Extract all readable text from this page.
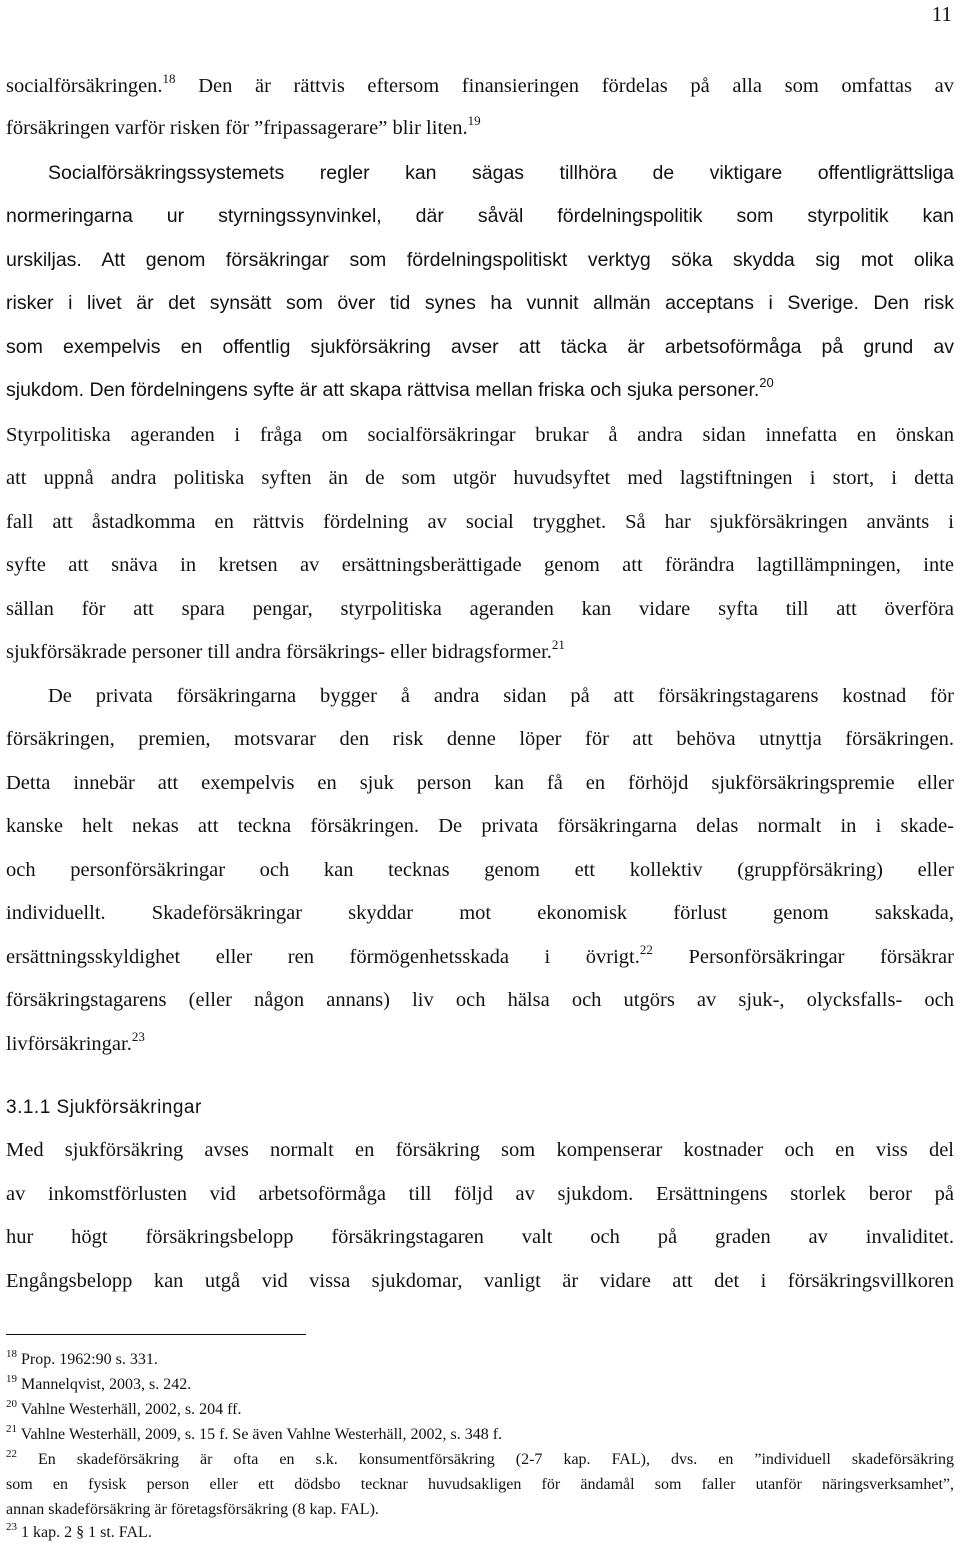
11
socialförsäkringen.$^{18}$ Den är rättvis eftersom finansieringen fördelas på alla som omfattas av
försäkringen varför risken för ”fripassagerare” blir liten.$^{19}$
Socialförsäkringssystemets regler kan sägas tillhöra de viktigare offentligrättsliga
normeringarna ur styrningssynvinkel, där såväl fördelningspolitik som styrpolitik kan
urskiljas. Att genom försäkringar som fördelningspolitiskt verktyg söka skydda sig mot olika
risker i livet är det synsätt som över tid synes ha vunnit allmän acceptans i Sverige. Den risk
som exempelvis en offentlig sjukförsäkring avser att täcka är arbetsoförmåga på grund av
sjukdom. Den fördelningens syfte är att skapa rättvisa mellan friska och sjuka personer.$^{20}$
Styrpolitiska ageranden i fråga om socialförsäkringar brukar å andra sidan innefatta en önskan
att uppnå andra politiska syften än de som utgör huvudsyftet med lagstiftningen i stort, i detta
fall att åstadkomma en rättvis fördelning av social trygghet. Så har sjukförsäkringen använts i
syfte att snäva in kretsen av ersättningsberättigade genom att förändra lagtillämpningen, inte
sällan för att spara pengar, styrpolitiska ageranden kan vidare syfta till att överföra
sjukförsäkrade personer till andra försäkrings- eller bidragsformer.$^{21}$
De privata försäkringarna bygger å andra sidan på att försäkringstagarens kostnad för
försäkringen, premien, motsvarar den risk denne löper för att behöva utnyttja försäkringen.
Detta innebär att exempelvis en sjuk person kan få en förhöjd sjukförsäkringspremie eller
kanske helt nekas att teckna försäkringen. De privata försäkringarna delas normalt in i skade-
och personförsäkringar och kan tecknas genom ett kollektiv (gruppförsäkring) eller
individuellt. Skadeförsäkringar skyddar mot ekonomisk förlust genom sakskada,
ersättningsskyldighet eller ren förmögenhetsskada i övrigt.$^{22}$ Personförsäkringar försäkrar
försäkringstagarens (eller någon annans) liv och hälsa och utgörs av sjuk-, olycksfalls- och
livförsäkringar.$^{23}$
3.1.1 Sjukförsäkringar
Med sjukförsäkring avses normalt en försäkring som kompenserar kostnader och en viss del
av inkomstförlusten vid arbetsoförmåga till följd av sjukdom. Ersättningens storlek beror på
hur högt försäkringsbelopp försäkringstagaren valt och på graden av invaliditet.
Engångsbelopp kan utgå vid vissa sjukdomar, vanligt är vidare att det i försäkringsvillkoren
$^{18}$ Prop. 1962:90 s. 331.
$^{19}$ Mannelqvist, 2003, s. 242.
$^{20}$ Vahlne Westerhäll, 2002, s. 204 ff.
$^{21}$ Vahlne Westerhäll, 2009, s. 15 f. Se även Vahlne Westerhäll, 2002, s. 348 f.
$^{22}$ En skadeförsäkring är ofta en s.k. konsumentförsäkring (2-7 kap. FAL), dvs. en ”individuell skadeförsäkring
som en fysisk person eller ett dödsbo tecknar huvudsakligen för ändamål som faller utanför näringsverksamhet”,
annan skadeförsäkring är företagsförsäkring (8 kap. FAL).
$^{23}$ 1 kap. 2 § 1 st. FAL.
